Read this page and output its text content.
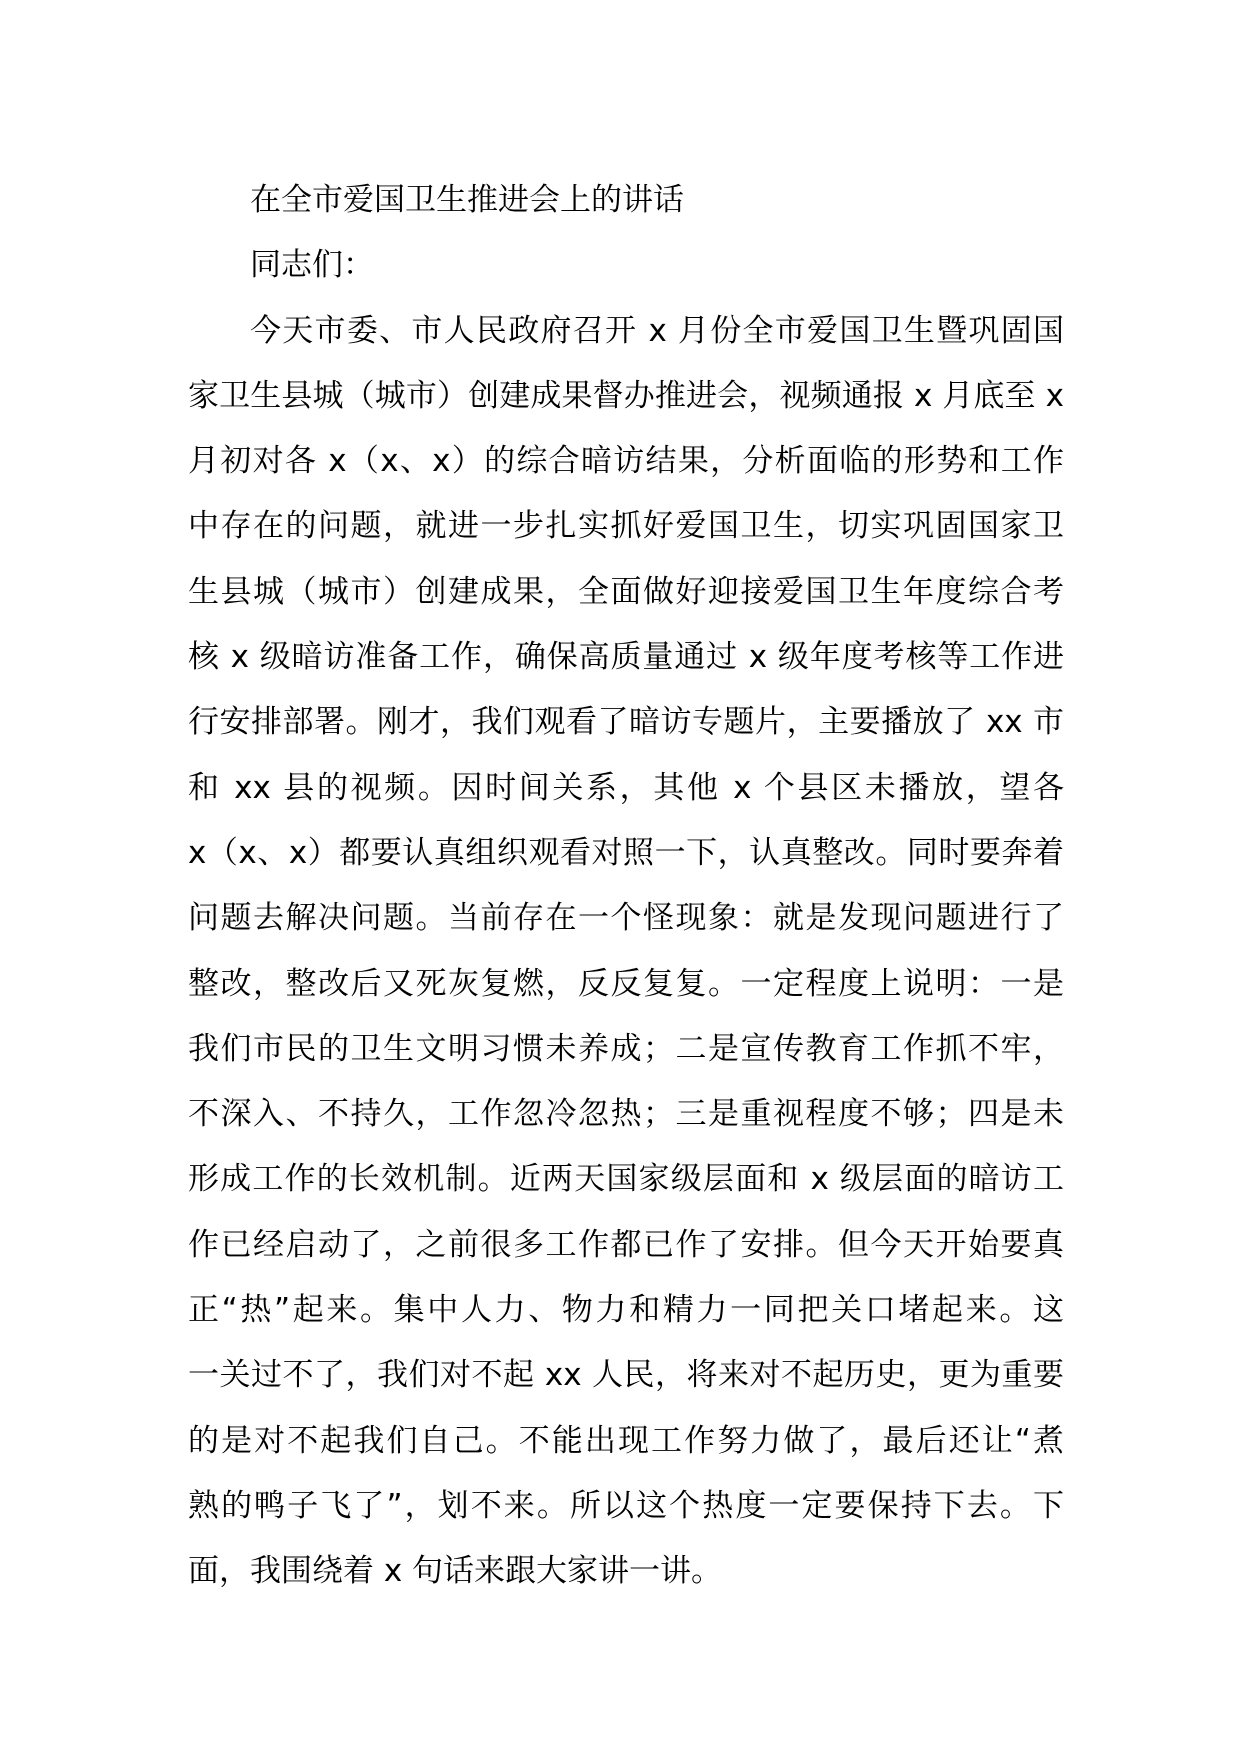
在全市爱国卫生推进会上的讲话
同志们：
今天市委、市人民政府召开 x 月份全市爱国卫生暨巩固国
家卫生县城（城市）创建成果督办推进会，视频通报 x 月底至 x
月初对各 x（x、x）的综合暗访结果，分析面临的形势和工作
中存在的问题，就进一步扎实抓好爱国卫生，切实巩固国家卫
生县城（城市）创建成果，全面做好迎接爱国卫生年度综合考
核 x 级暗访准备工作，确保高质量通过 x 级年度考核等工作进
行安排部署。刚才，我们观看了暗访专题片，主要播放了 xx 市
和 xx 县的视频。因时间关系，其他 x 个县区未播放，望各
x（x、x）都要认真组织观看对照一下，认真整改。同时要奔着
问题去解决问题。当前存在一个怪现象：就是发现问题进行了
整改，整改后又死灰复燃，反反复复。一定程度上说明：一是
我们市民的卫生文明习惯未养成；二是宣传教育工作抓不牢，
不深入、不持久，工作忽冷忽热；三是重视程度不够；四是未
形成工作的长效机制。近两天国家级层面和 x 级层面的暗访工
作已经启动了，之前很多工作都已作了安排。但今天开始要真
正“热”起来。集中人力、物力和精力一同把关口堵起来。这
一关过不了，我们对不起 xx 人民，将来对不起历史，更为重要
的是对不起我们自己。不能出现工作努力做了，最后还让“煮
熟的鸭子飞了”，划不来。所以这个热度一定要保持下去。下
面，我围绕着 x 句话来跟大家讲一讲。
